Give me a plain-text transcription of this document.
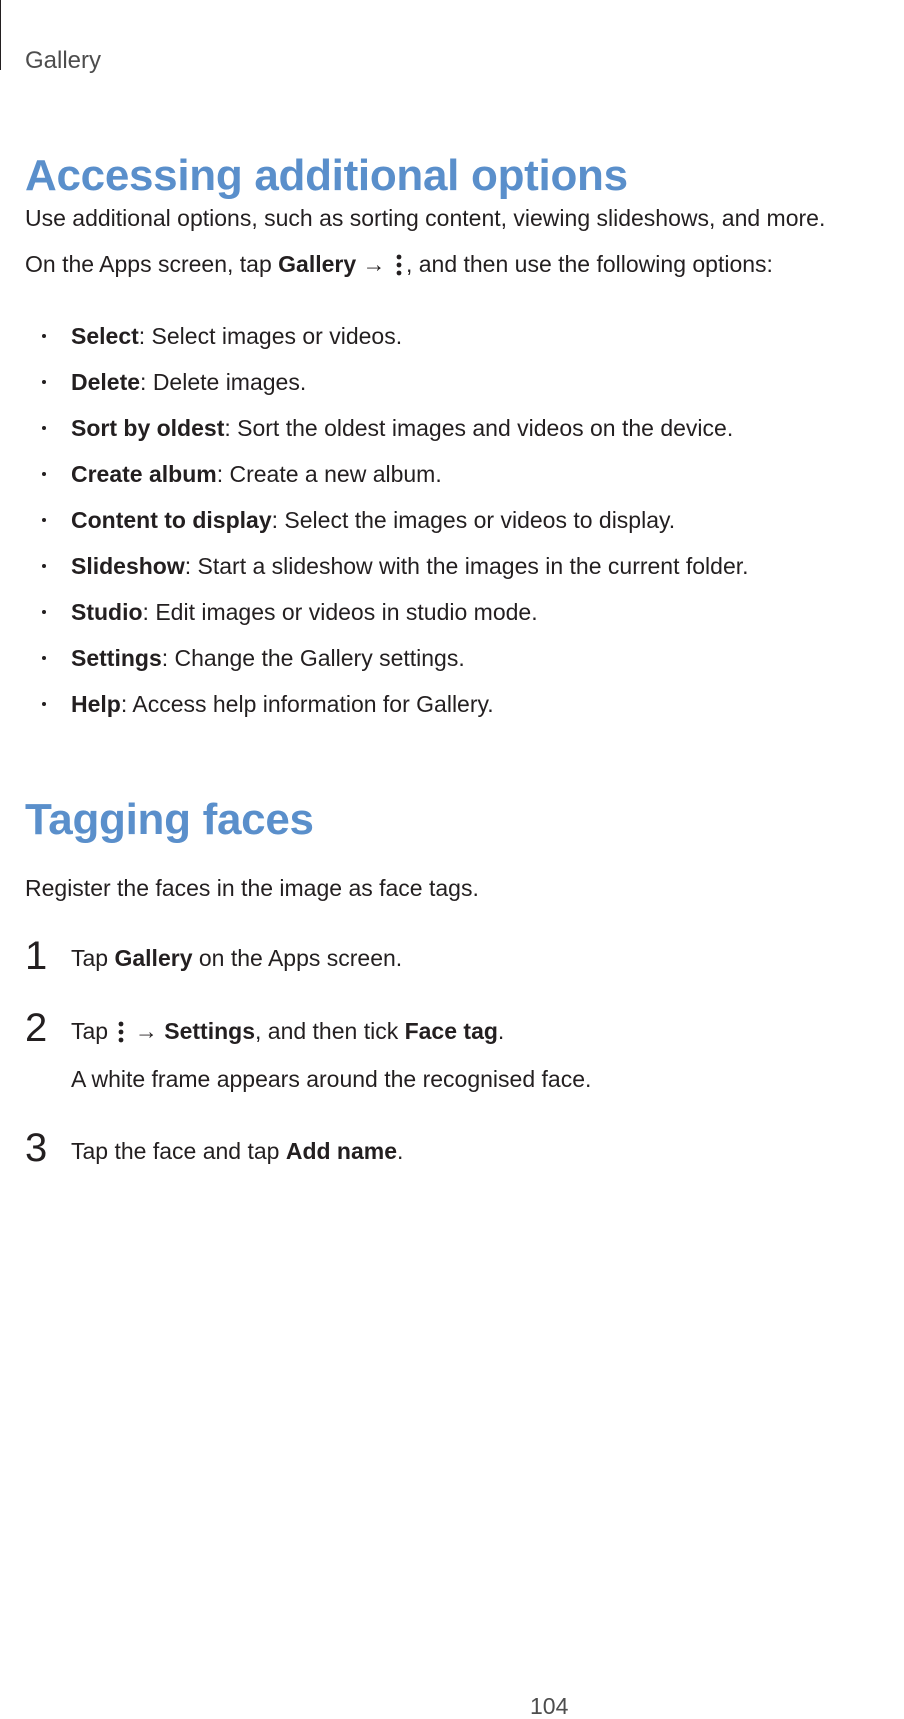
Gallery
Accessing additional options

Use additional options, such as sorting content, viewing slideshows, and more.

On the Apps screen, tap Gallery → , and then use the following options:

Select: Select images or videos.
Delete: Delete images.
Sort by oldest: Sort the oldest images and videos on the device.
Create album: Create a new album.
Content to display: Select the images or videos to display.
Slideshow: Start a slideshow with the images in the current folder.
Studio: Edit images or videos in studio mode.
Settings: Change the Gallery settings.
Help: Access help information for Gallery.
Tagging faces

Register the faces in the image as face tags.

1 Tap Gallery on the Apps screen.
2 Tap  → Settings, and then tick Face tag.
A white frame appears around the recognised face.
3 Tap the face and tap Add name.
104
